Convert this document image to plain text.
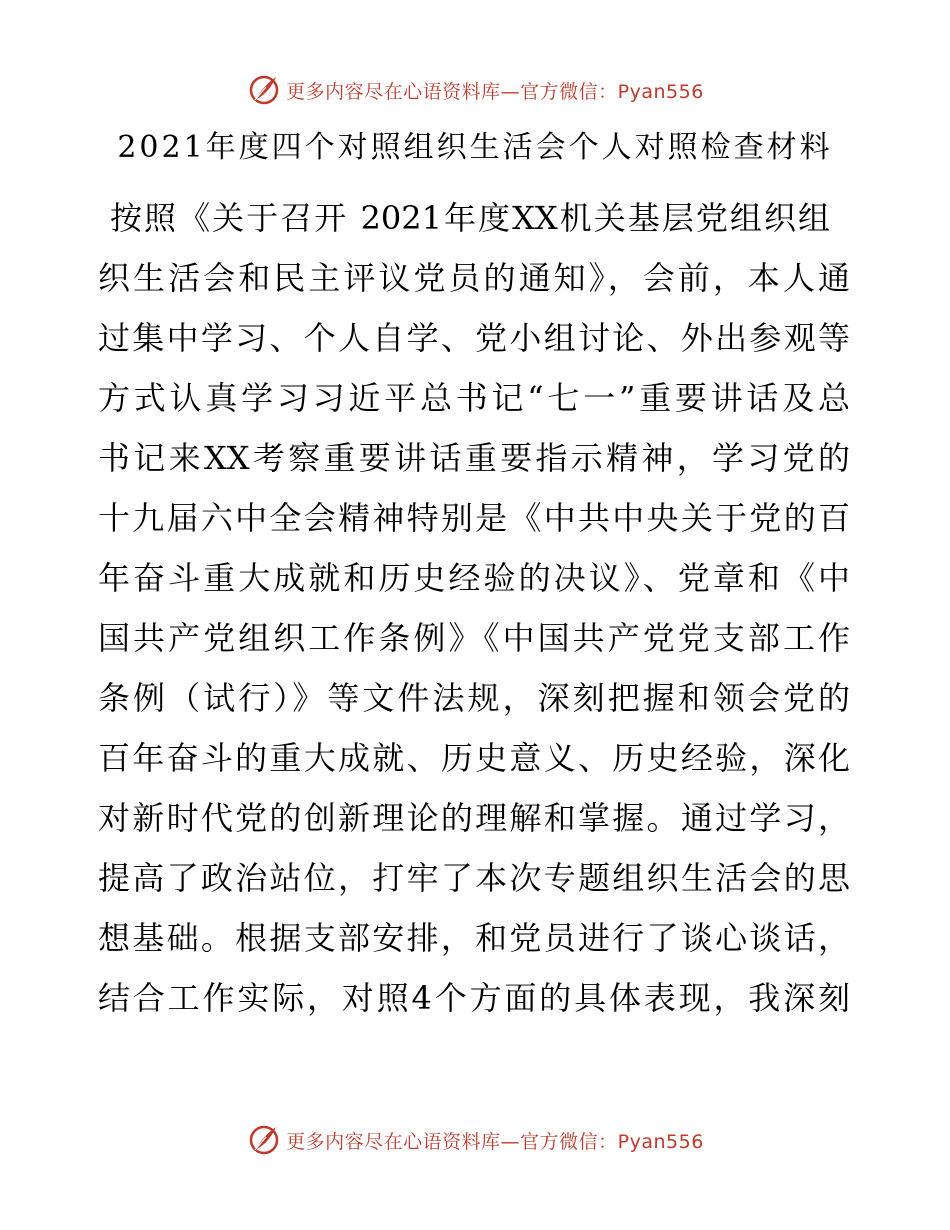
更多内容尽在心语资料库—官方微信：Pyan556
2021年度四个对照组织生活会个人对照检查材料
按照《关于召开 2021年度XX机关基层党组织组
织生活会和民主评议党员的通知》，会前，本人通
过集中学习、个人自学、党小组讨论、外出参观等
方式认真学习习近平总书记“七一”重要讲话及总
书记来XX考察重要讲话重要指示精神，学习党的
十九届六中全会精神特别是《中共中央关于党的百
年奋斗重大成就和历史经验的决议》、党章和《中
国共产党组织工作条例》《中国共产党党支部工作
条例（试行）》等文件法规，深刻把握和领会党的
百年奋斗的重大成就、历史意义、历史经验，深化
对新时代党的创新理论的理解和掌握。通过学习，
提高了政治站位，打牢了本次专题组织生活会的思
想基础。根据支部安排，和党员进行了谈心谈话，
结合工作实际，对照4个方面的具体表现，我深刻
更多内容尽在心语资料库—官方微信：Pyan556
